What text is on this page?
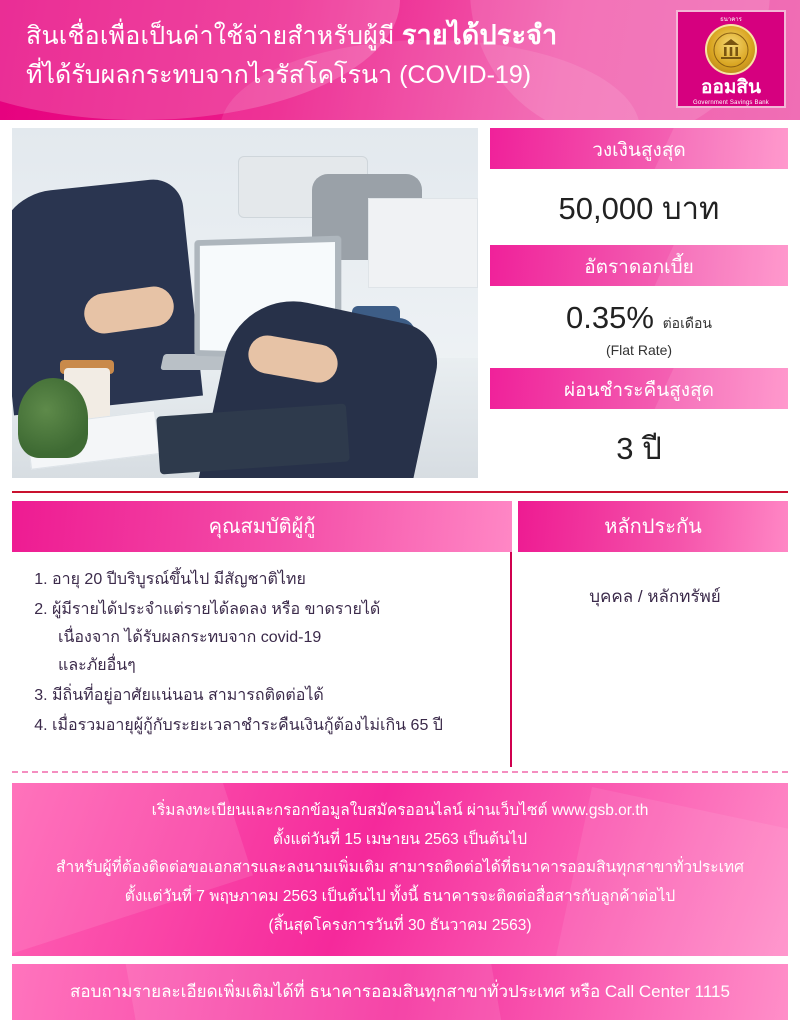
สินเชื่อเพื่อเป็นค่าใช้จ่ายสำหรับผู้มี รายได้ประจำ
ที่ได้รับผลกระทบจากไวรัสโคโรนา (COVID-19)
ธนาคาร
ออมสิน
Government Savings Bank
วงเงินสูงสุด
50,000 บาท
อัตราดอกเบี้ย
0.35% ต่อเดือน
(Flat Rate)
ผ่อนชำระคืนสูงสุด
3 ปี
คุณสมบัติผู้กู้
1. อายุ 20 ปีบริบูรณ์ขึ้นไป มีสัญชาติไทย
2. ผู้มีรายได้ประจำแต่รายได้ลดลง หรือ ขาดรายได้
เนื่องจาก ได้รับผลกระทบจาก covid-19
และภัยอื่นๆ
3. มีถิ่นที่อยู่อาศัยแน่นอน สามารถติดต่อได้
4. เมื่อรวมอายุผู้กู้กับระยะเวลาชำระคืนเงินกู้ต้องไม่เกิน 65 ปี
หลักประกัน
บุคคล / หลักทรัพย์
เริ่มลงทะเบียนและกรอกข้อมูลใบสมัครออนไลน์ ผ่านเว็บไซต์ www.gsb.or.th
ตั้งแต่วันที่ 15 เมษายน 2563 เป็นต้นไป
สำหรับผู้ที่ต้องติดต่อขอเอกสารและลงนามเพิ่มเติม สามารถติดต่อได้ที่ธนาคารออมสินทุกสาขาทั่วประเทศ
ตั้งแต่วันที่ 7 พฤษภาคม 2563 เป็นต้นไป ทั้งนี้ ธนาคารจะติดต่อสื่อสารกับลูกค้าต่อไป
(สิ้นสุดโครงการวันที่ 30 ธันวาคม 2563)
สอบถามรายละเอียดเพิ่มเติมได้ที่ ธนาคารออมสินทุกสาขาทั่วประเทศ หรือ Call Center 1115
